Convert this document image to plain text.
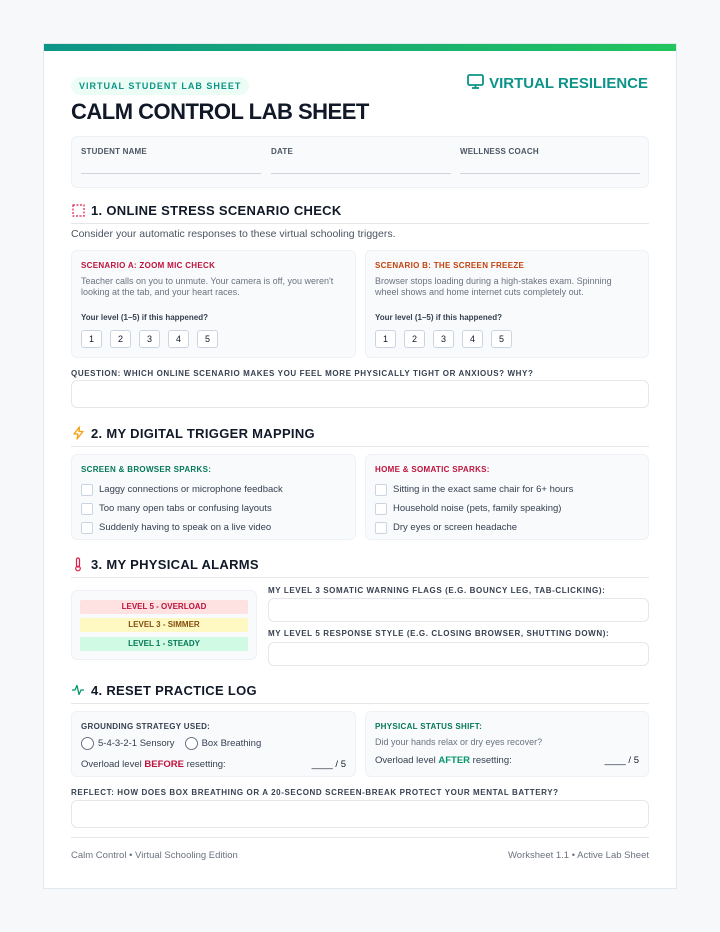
VIRTUAL STUDENT LAB SHEET	VIRTUAL RESILIENCE
CALM CONTROL LAB SHEET
STUDENT NAME	DATE	WELLNESS COACH
1. ONLINE STRESS SCENARIO CHECK
Consider your automatic responses to these virtual schooling triggers.
SCENARIO A: ZOOM MIC CHECK
Teacher calls on you to unmute. Your camera is off, you weren't looking at the tab, and your heart races.
Your level (1–5) if this happened?
1	2	3	4	5
SCENARIO B: THE SCREEN FREEZE
Browser stops loading during a high-stakes exam. Spinning wheel shows and home internet cuts completely out.
Your level (1–5) if this happened?
1	2	3	4	5
QUESTION: WHICH ONLINE SCENARIO MAKES YOU FEEL MORE PHYSICALLY TIGHT OR ANXIOUS? WHY?
2. MY DIGITAL TRIGGER MAPPING
SCREEN & BROWSER SPARKS:
Laggy connections or microphone feedback
Too many open tabs or confusing layouts
Suddenly having to speak on a live video
HOME & SOMATIC SPARKS:
Sitting in the exact same chair for 6+ hours
Household noise (pets, family speaking)
Dry eyes or screen headache
3. MY PHYSICAL ALARMS
LEVEL 5 - OVERLOAD
LEVEL 3 - SIMMER
LEVEL 1 - STEADY
MY LEVEL 3 SOMATIC WARNING FLAGS (E.G. BOUNCY LEG, TAB-CLICKING):
MY LEVEL 5 RESPONSE STYLE (E.G. CLOSING BROWSER, SHUTTING DOWN):
4. RESET PRACTICE LOG
GROUNDING STRATEGY USED:
5-4-3-2-1 Sensory	Box Breathing
Overload level BEFORE resetting:	____ / 5
PHYSICAL STATUS SHIFT:
Did your hands relax or dry eyes recover?
Overload level AFTER resetting:	____ / 5
REFLECT: HOW DOES BOX BREATHING OR A 20-SECOND SCREEN-BREAK PROTECT YOUR MENTAL BATTERY?
Calm Control • Virtual Schooling Edition	Worksheet 1.1 • Active Lab Sheet
